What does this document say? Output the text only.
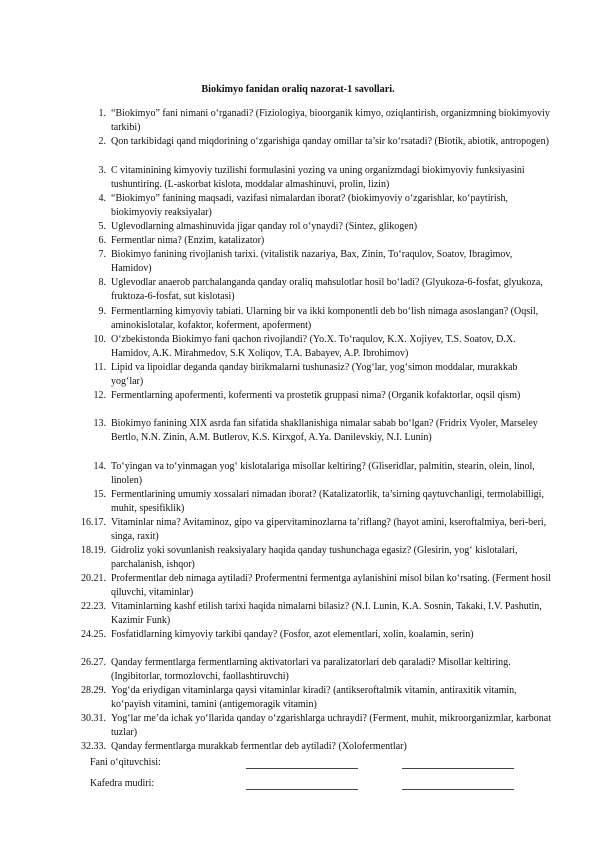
Biokimyo fanidan oraliq nazorat-1 savollari.
1. “Biokimyo” fani nimani o‘rganadi? (Fiziologiya, bioorganik kimyo, oziqlantirish, organizmning biokimyoviy tarkibi)
2. Qon tarkibidagi qand miqdorining o‘zgarishiga qanday omillar ta’sir ko‘rsatadi? (Biotik, abiotik, antropogen)
3. C vitaminining kimyoviy tuzilishi formulasini yozing va uning organizmdagi biokimyoviy funksiyasini tushuntiring. (L-askorbat kislota, moddalar almashinuvi, prolin, lizin)
4. “Biokimyo” fanining maqsadi, vazifasi nimalardan iborat? (biokimyoviy o‘zgarishlar, ko‘paytirish, biokimyoviy reaksiyalar)
5. Uglevodlarning almashinuvida jigar qanday rol o‘ynaydi? (Sintez, glikogen)
6. Fermentlar nima? (Enzim, katalizator)
7. Biokimyo fanining rivojlanish tarixi. (vitalistik nazariya, Bax, Zinin, To‘raqulov, Soatov, Ibragimov, Hamidov)
8. Uglevodlar anaerob parchalanganda qanday oraliq mahsulotlar hosil bo‘ladi? (Glyukoza-6-fosfat, glyukoza, fruktoza-6-fosfat, sut kislotasi)
9. Fermentlarning kimyoviy tabiati. Ularning bir va ikki komponentli deb bo‘lish nimaga asoslangan? (Oqsil, aminokislotalar, kofaktor, koferment, apoferment)
10. O‘zbekistonda Biokimyo fani qachon rivojlandi? (Yo.X. To‘raqulov, K.X. Xojiyev, T.S. Soatov, D.X. Hamidov, A.K. Mirahmedov, S.K Xoliqov, T.A. Babayev, A.P. Ibrohimov)
11. Lipid va lipoidlar deganda qanday birikmalarni tushunasiz? (Yog‘lar, yog‘simon moddalar, murakkab yog‘lar)
12. Fermentlarning apofermenti, kofermenti va prostetik gruppasi nima? (Organik kofaktorlar, oqsil qism)
13. Biokimyo fanining XIX asrda fan sifatida shakllanishiga nimalar sabab bo‘lgan? (Fridrix Vyoler, Marseley Bertlo, N.N. Zinin, A.M. Butlerov, K.S. Kirxgof, A.Ya. Danilevskiy, N.I. Lunin)
14. To‘yingan va to‘yinmagan yog‘ kislotalariga misollar keltiring? (Gliseridlar, palmitin, stearin, olein, linol, linolen)
15. Fermentlarining umumiy xossalari nimadan iborat? (Katalizatorlik, ta’sirning qaytuvchanligi, termolabilligi, muhit, spesifiklik)
16.17. Vitaminlar nima? Avitaminoz, gipo va gipervitaminozlarna ta’riflang? (hayot amini, kseroftalmiya, beri-beri, singa, raxit)
18.19. Gidroliz yoki sovunlanish reaksiyalary haqida qanday tushunchaga egasiz? (Glesirin, yog‘ kislotalari, parchalanish, ishqor)
20.21. Profermentlar deb nimaga aytiladi? Profermentni fermentga aylanishini misol bilan ko‘rsating. (Ferment hosil qiluvchi, vitaminlar)
22.23. Vitaminlarning kashf etilish tarixi haqida nimalarni bilasiz? (N.I. Lunin, K.A. Sosnin, Takaki, I.V. Pashutin, Kazimir Funk)
24.25. Fosfatidlarning kimyoviy tarkibi qanday? (Fosfor, azot elementlari, xolin, koalamin, serin)
26.27. Qanday fermentlarga fermentlarning aktivatorlari va paralizatorlari deb qaraladi? Misollar keltiring. (Ingibitorlar, tormozlovchi, faollashtiruvchi)
28.29. Yog‘da eriydigan vitaminlarga qaysi vitaminlar kiradi? (antikseroftalmik vitamin, antiraxitik vitamin, ko‘payish vitamini, tamini (antigemoragik vitamin)
30.31. Yog‘lar me’da ichak yo‘llarida qanday o‘zgarishlarga uchraydi? (Ferment, muhit, mikroorganizmlar, karbonat tuzlar)
32.33. Qanday fermentlarga murakkab fermentlar deb aytiladi? (Xolofermentlar)
Fani o‘qituvchisi:
Kafedra mudiri:
